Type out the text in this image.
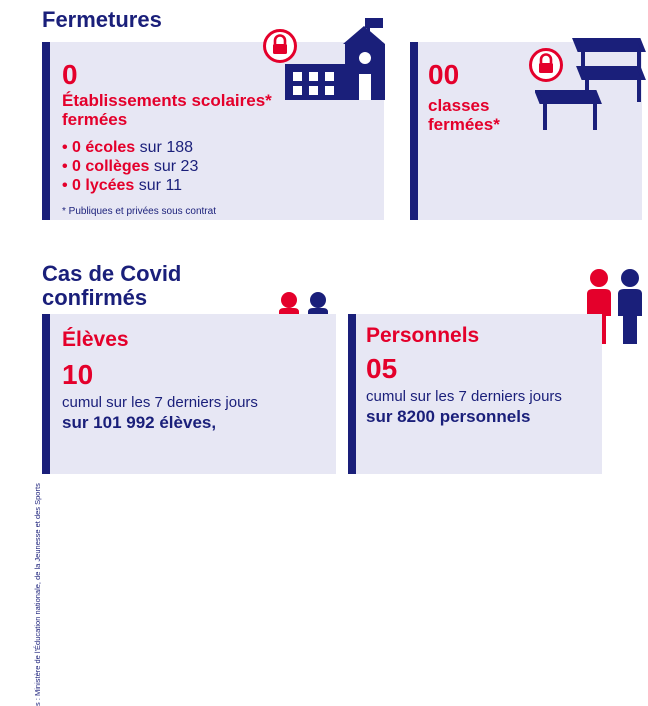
s : Ministère de l'Éducation nationale, de la Jeunesse et des Sports
Fermetures
0
Établissements scolaires*
fermées
• 0 écoles sur 188
• 0 collèges sur 23
• 0 lycées sur 11
* Publiques et privées sous contrat
00
classes
fermées*
Cas de Covid
confirmés
Élèves
10
cumul sur les 7 derniers jours
sur 101 992 élèves,
Personnels
05
cumul sur les 7 derniers jours
sur 8200 personnels
